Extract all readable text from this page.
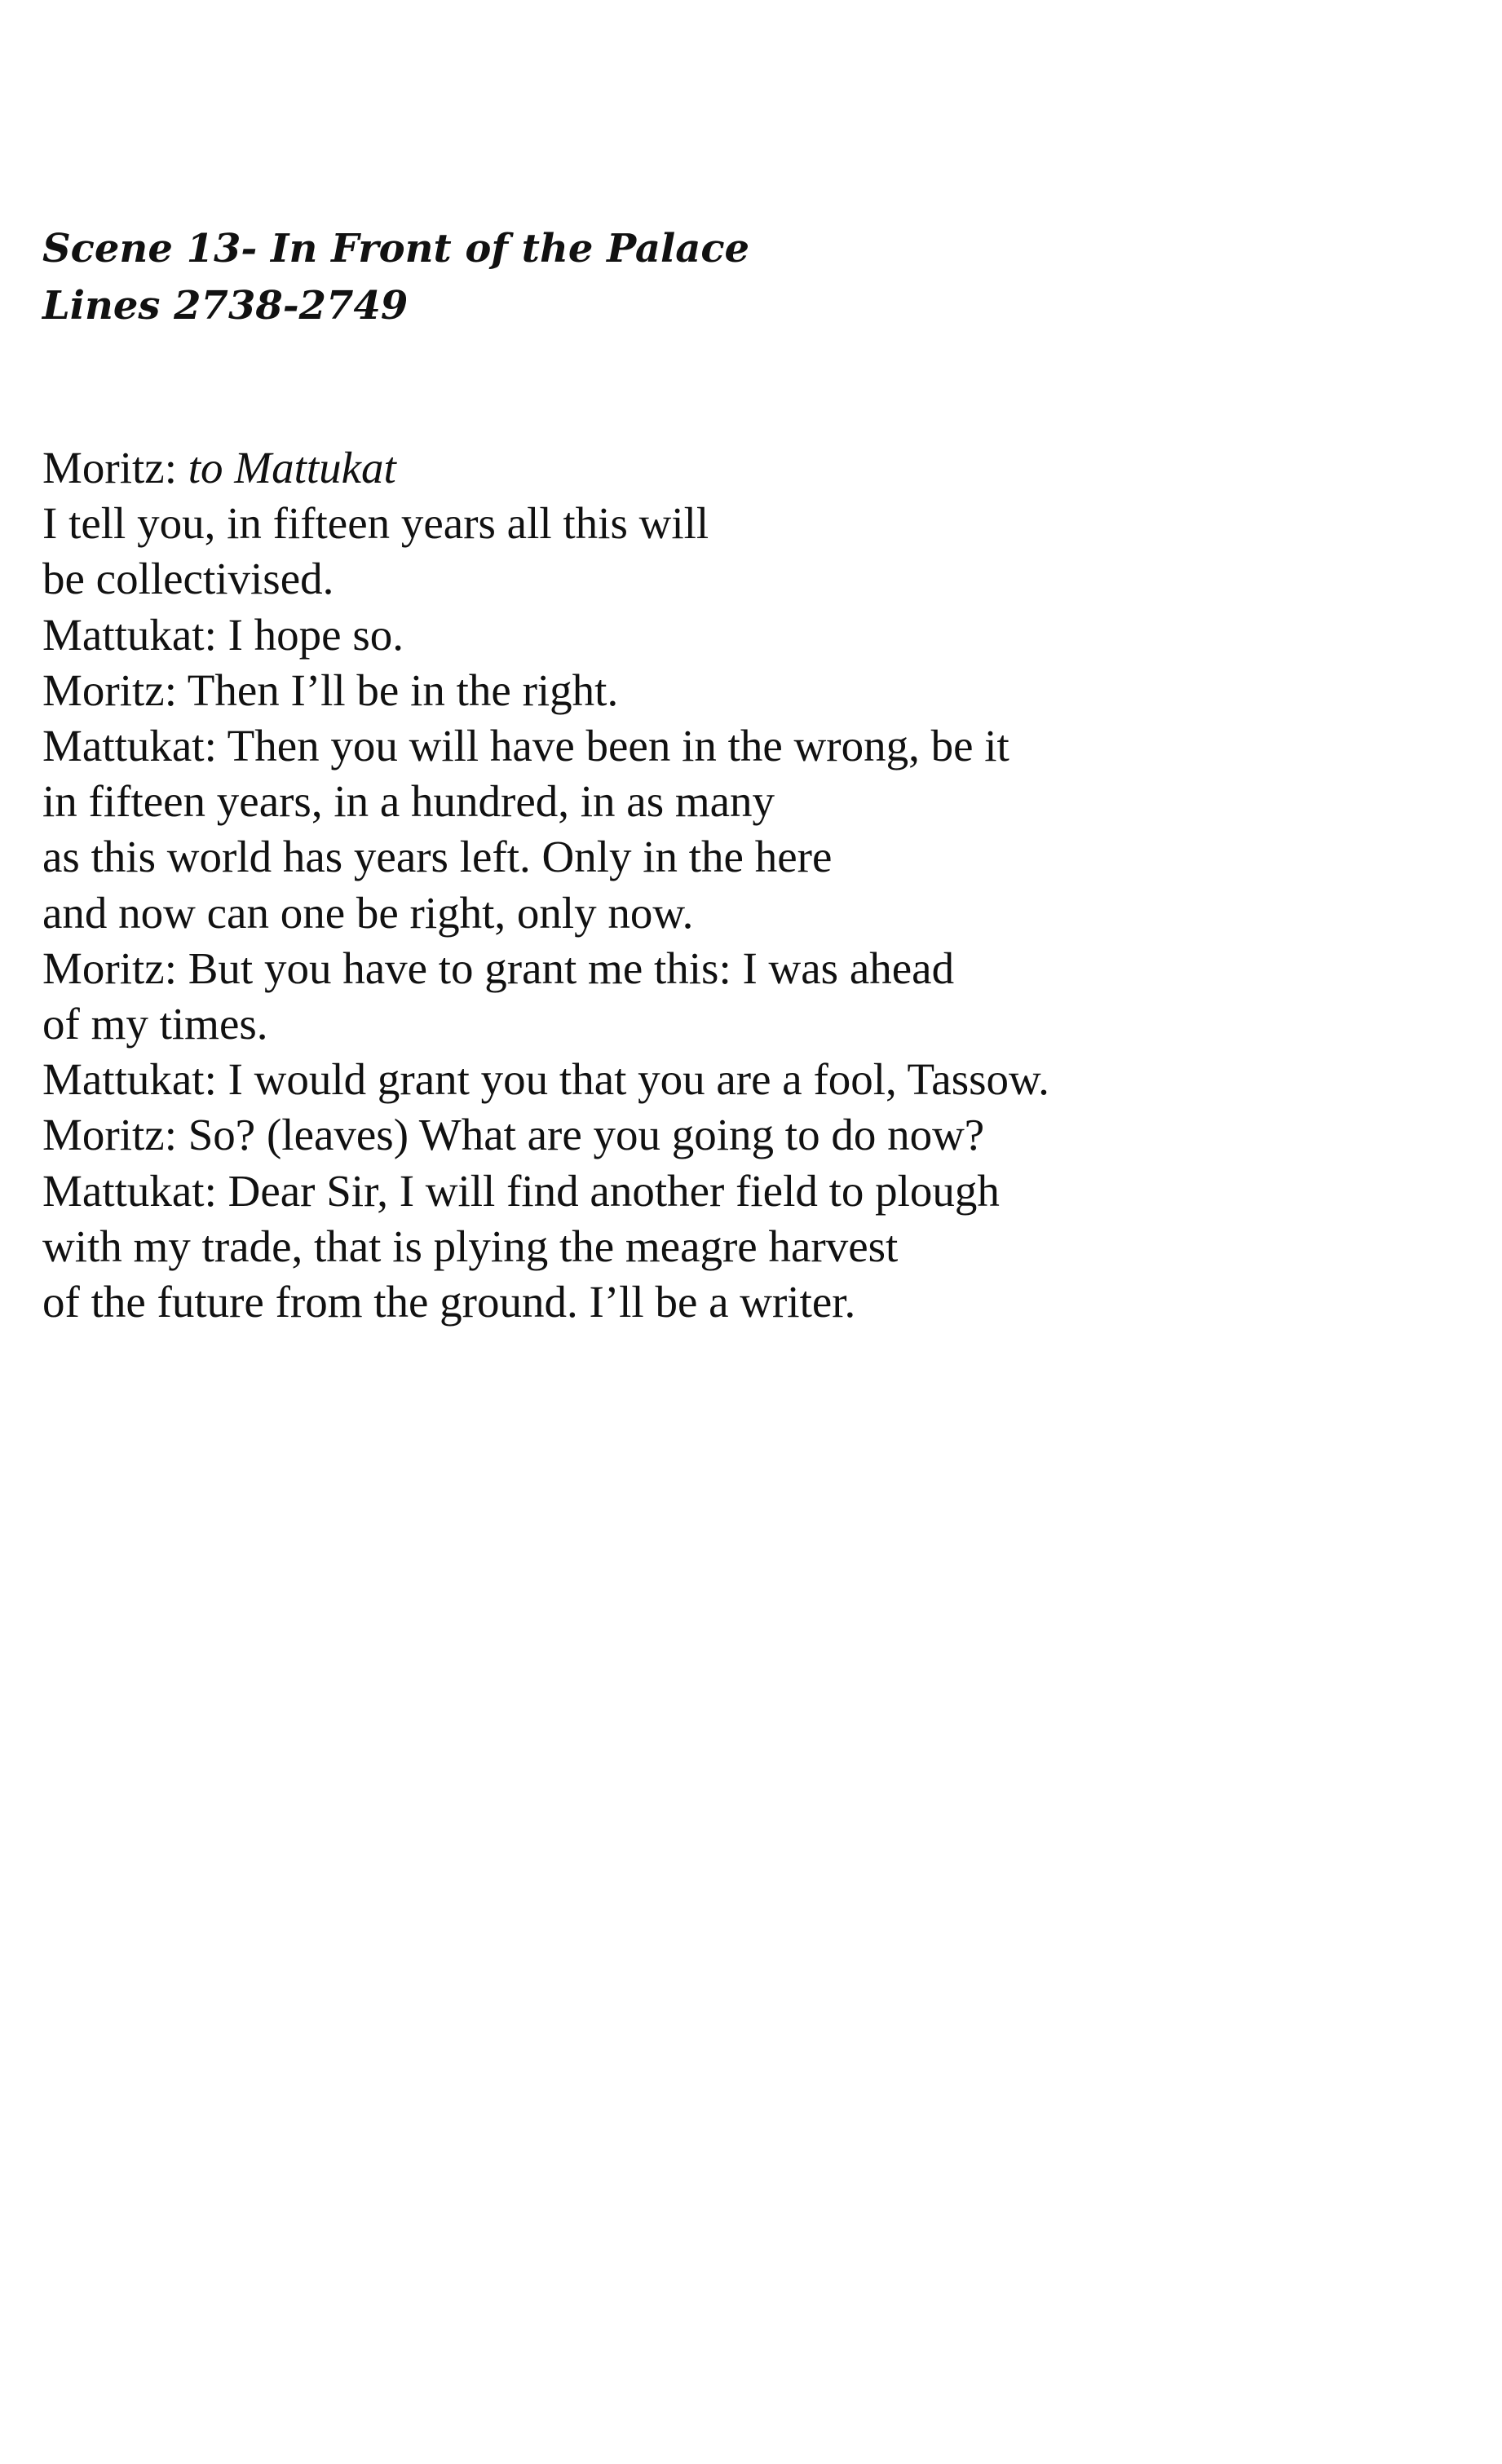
Scene 13- In Front of the Palace
Lines 2738-2749
Moritz: to Mattukat
I tell you, in fifteen years all this will
be collectivised.
Mattukat: I hope so.
Moritz: Then I’ll be in the right.
Mattukat: Then you will have been in the wrong, be it
in fifteen years, in a hundred, in as many
as this world has years left. Only in the here
and now can one be right, only now.
Moritz: But you have to grant me this: I was ahead
of my times.
Mattukat: I would grant you that you are a fool, Tassow.
Moritz: So? (leaves) What are you going to do now?
Mattukat: Dear Sir, I will find another field to plough
with my trade, that is plying the meagre harvest
of the future from the ground. I’ll be a writer.
